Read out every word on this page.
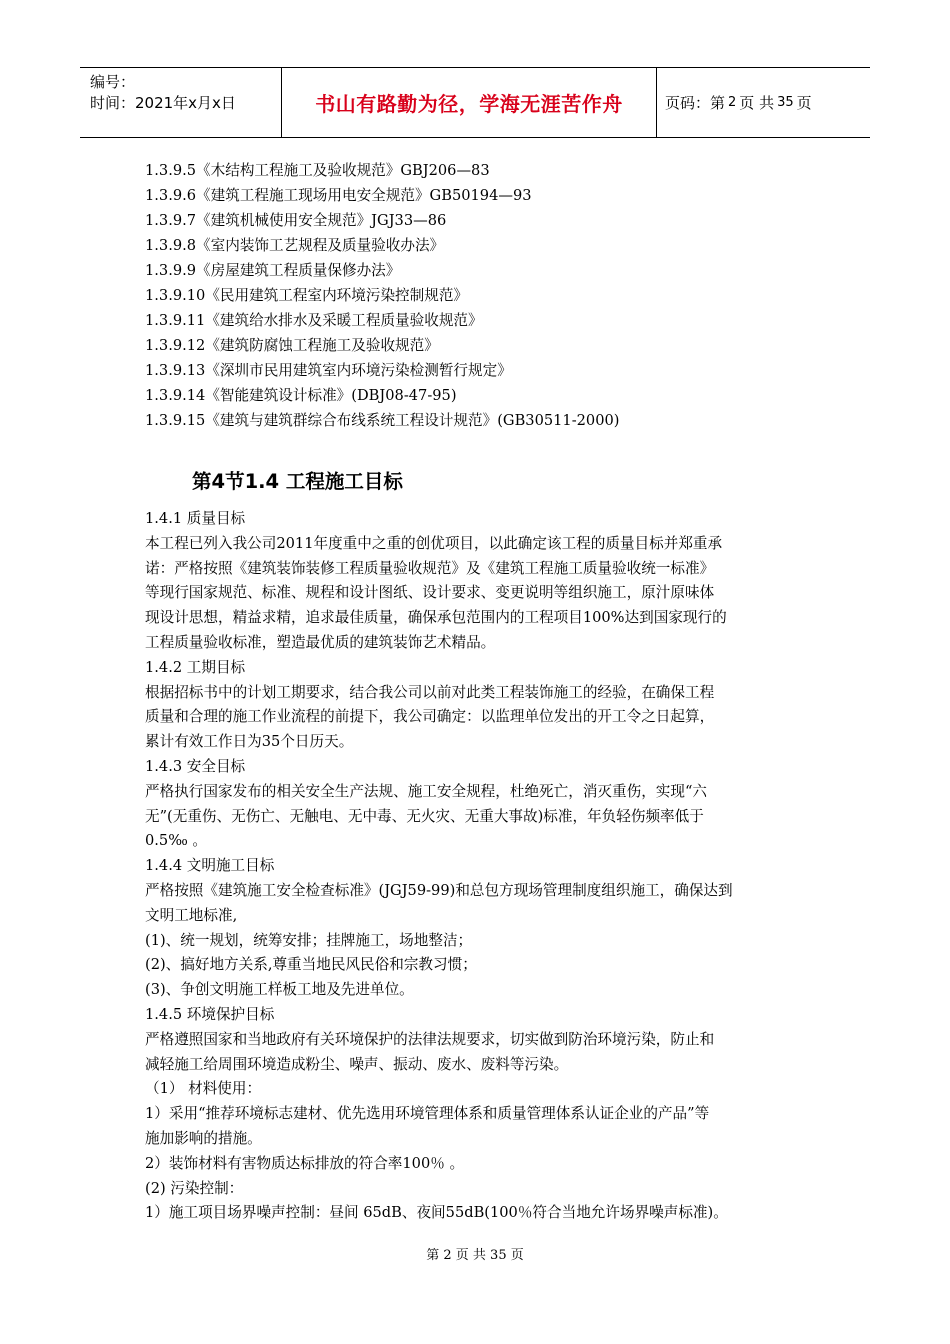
编号：
时间：2021年x月x日	书山有路勤为径，学海无涯苦作舟	页码：第 2 页 共 35 页
1.3.9.5《木结构工程施工及验收规范》GBJ206—83
1.3.9.6《建筑工程施工现场用电安全规范》GB50194—93
1.3.9.7《建筑机械使用安全规范》JGJ33—86
1.3.9.8《室内装饰工艺规程及质量验收办法》
1.3.9.9《房屋建筑工程质量保修办法》
1.3.9.10《民用建筑工程室内环境污染控制规范》
1.3.9.11《建筑给水排水及采暖工程质量验收规范》
1.3.9.12《建筑防腐蚀工程施工及验收规范》
1.3.9.13《深圳市民用建筑室内环境污染检测暂行规定》
1.3.9.14《智能建筑设计标准》(DBJ08-47-95)
1.3.9.15《建筑与建筑群综合布线系统工程设计规范》(GB30511-2000)
第4节1.4 工程施工目标
1.4.1 质量目标
本工程已列入我公司2011年度重中之重的创优项目，以此确定该工程的质量目标并郑重承
诺：严格按照《建筑装饰装修工程质量验收规范》及《建筑工程施工质量验收统一标准》
等现行国家规范、标准、规程和设计图纸、设计要求、变更说明等组织施工，原汁原味体
现设计思想，精益求精，追求最佳质量，确保承包范围内的工程项目100%达到国家现行的
工程质量验收标准，塑造最优质的建筑装饰艺术精品。
1.4.2 工期目标
根据招标书中的计划工期要求，结合我公司以前对此类工程装饰施工的经验，在确保工程
质量和合理的施工作业流程的前提下，我公司确定：以监理单位发出的开工令之日起算，
累计有效工作日为35个日历天。
1.4.3 安全目标
严格执行国家发布的相关安全生产法规、施工安全规程，杜绝死亡，消灭重伤，实现“六
无”(无重伤、无伤亡、无触电、无中毒、无火灾、无重大事故)标准，年负轻伤频率低于
0.5‰ 。
1.4.4 文明施工目标
严格按照《建筑施工安全检查标准》(JGJ59-99)和总包方现场管理制度组织施工，确保达到
文明工地标准,
(1)、统一规划，统筹安排；挂牌施工，场地整洁；
(2)、搞好地方关系,尊重当地民风民俗和宗教习惯；
(3)、争创文明施工样板工地及先进单位。
1.4.5 环境保护目标
严格遵照国家和当地政府有关环境保护的法律法规要求，切实做到防治环境污染，防止和
减轻施工给周围环境造成粉尘、噪声、振动、废水、废料等污染。
（1） 材料使用：
1）采用“推荐环境标志建材、优先选用环境管理体系和质量管理体系认证企业的产品”等
施加影响的措施。
2）装饰材料有害物质达标排放的符合率100％ 。
(2) 污染控制：
1）施工项目场界噪声控制：昼间 65dB、夜间55dB(100％符合当地允许场界噪声标准)。
第 2 页 共 35 页
